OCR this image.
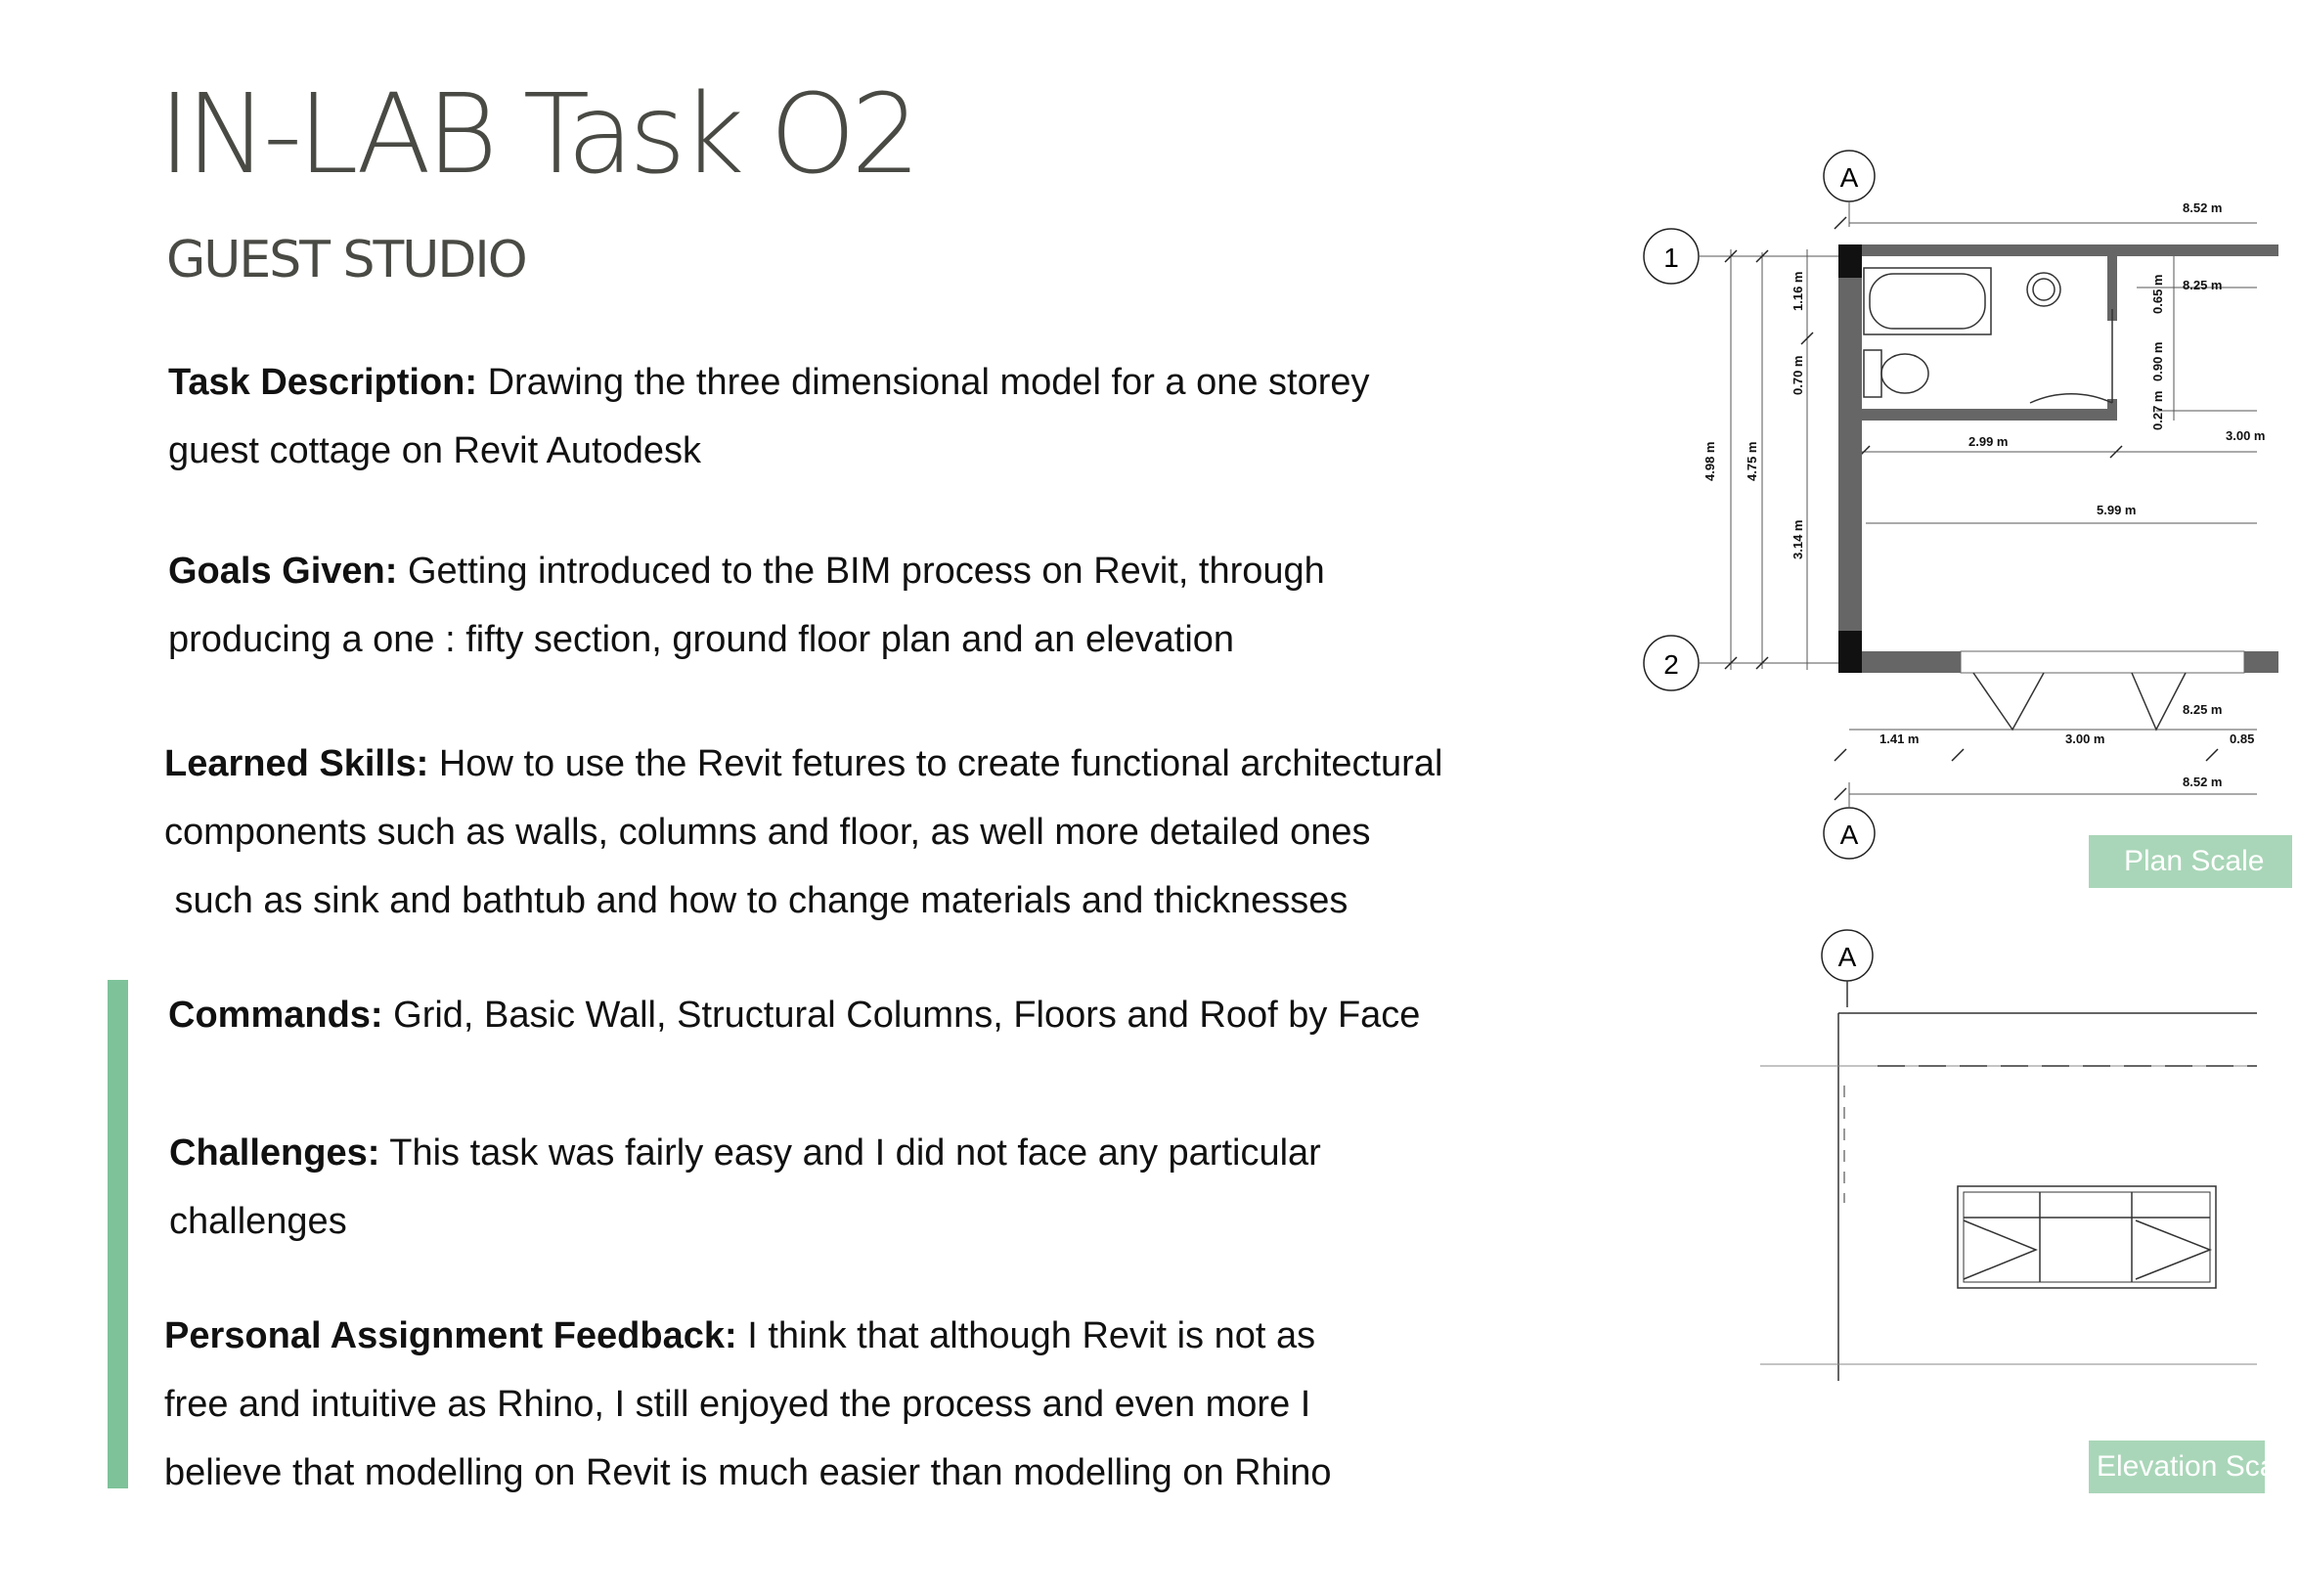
IN-LAB Task O2
GUEST STUDIO
Task Description: Drawing the three dimensional model for a one storey
guest cottage on Revit Autodesk
Goals Given: Getting introduced to the BIM process on Revit, through
producing a one : fifty section, ground floor plan and an elevation
Learned Skills: How to use the Revit fetures to create functional architectural
components such as walls, columns and floor, as well more detailed ones
such as sink and bathtub and how to change materials and thicknesses
Commands: Grid, Basic Wall, Structural Columns, Floors and Roof by Face
Challenges: This task was fairly easy and I did not face any particular
challenges
Personal Assignment Feedback: I think that although Revit is not as
free and intuitive as Rhino, I still enjoyed the process and even more I
believe that modelling on Revit is much easier than modelling on Rhino
A
1
2
A
A
8.52 m
8.25 m
1.16 m
0.70 m
0.65 m
0.90 m
0.27 m
4.98 m 4.75 m
3.14 m
2.99 m	3.00 m
5.99 m
8.25 m
1.41 m	3.00 m	0.85
8.52 m
Plan Scale
Elevation Scale
